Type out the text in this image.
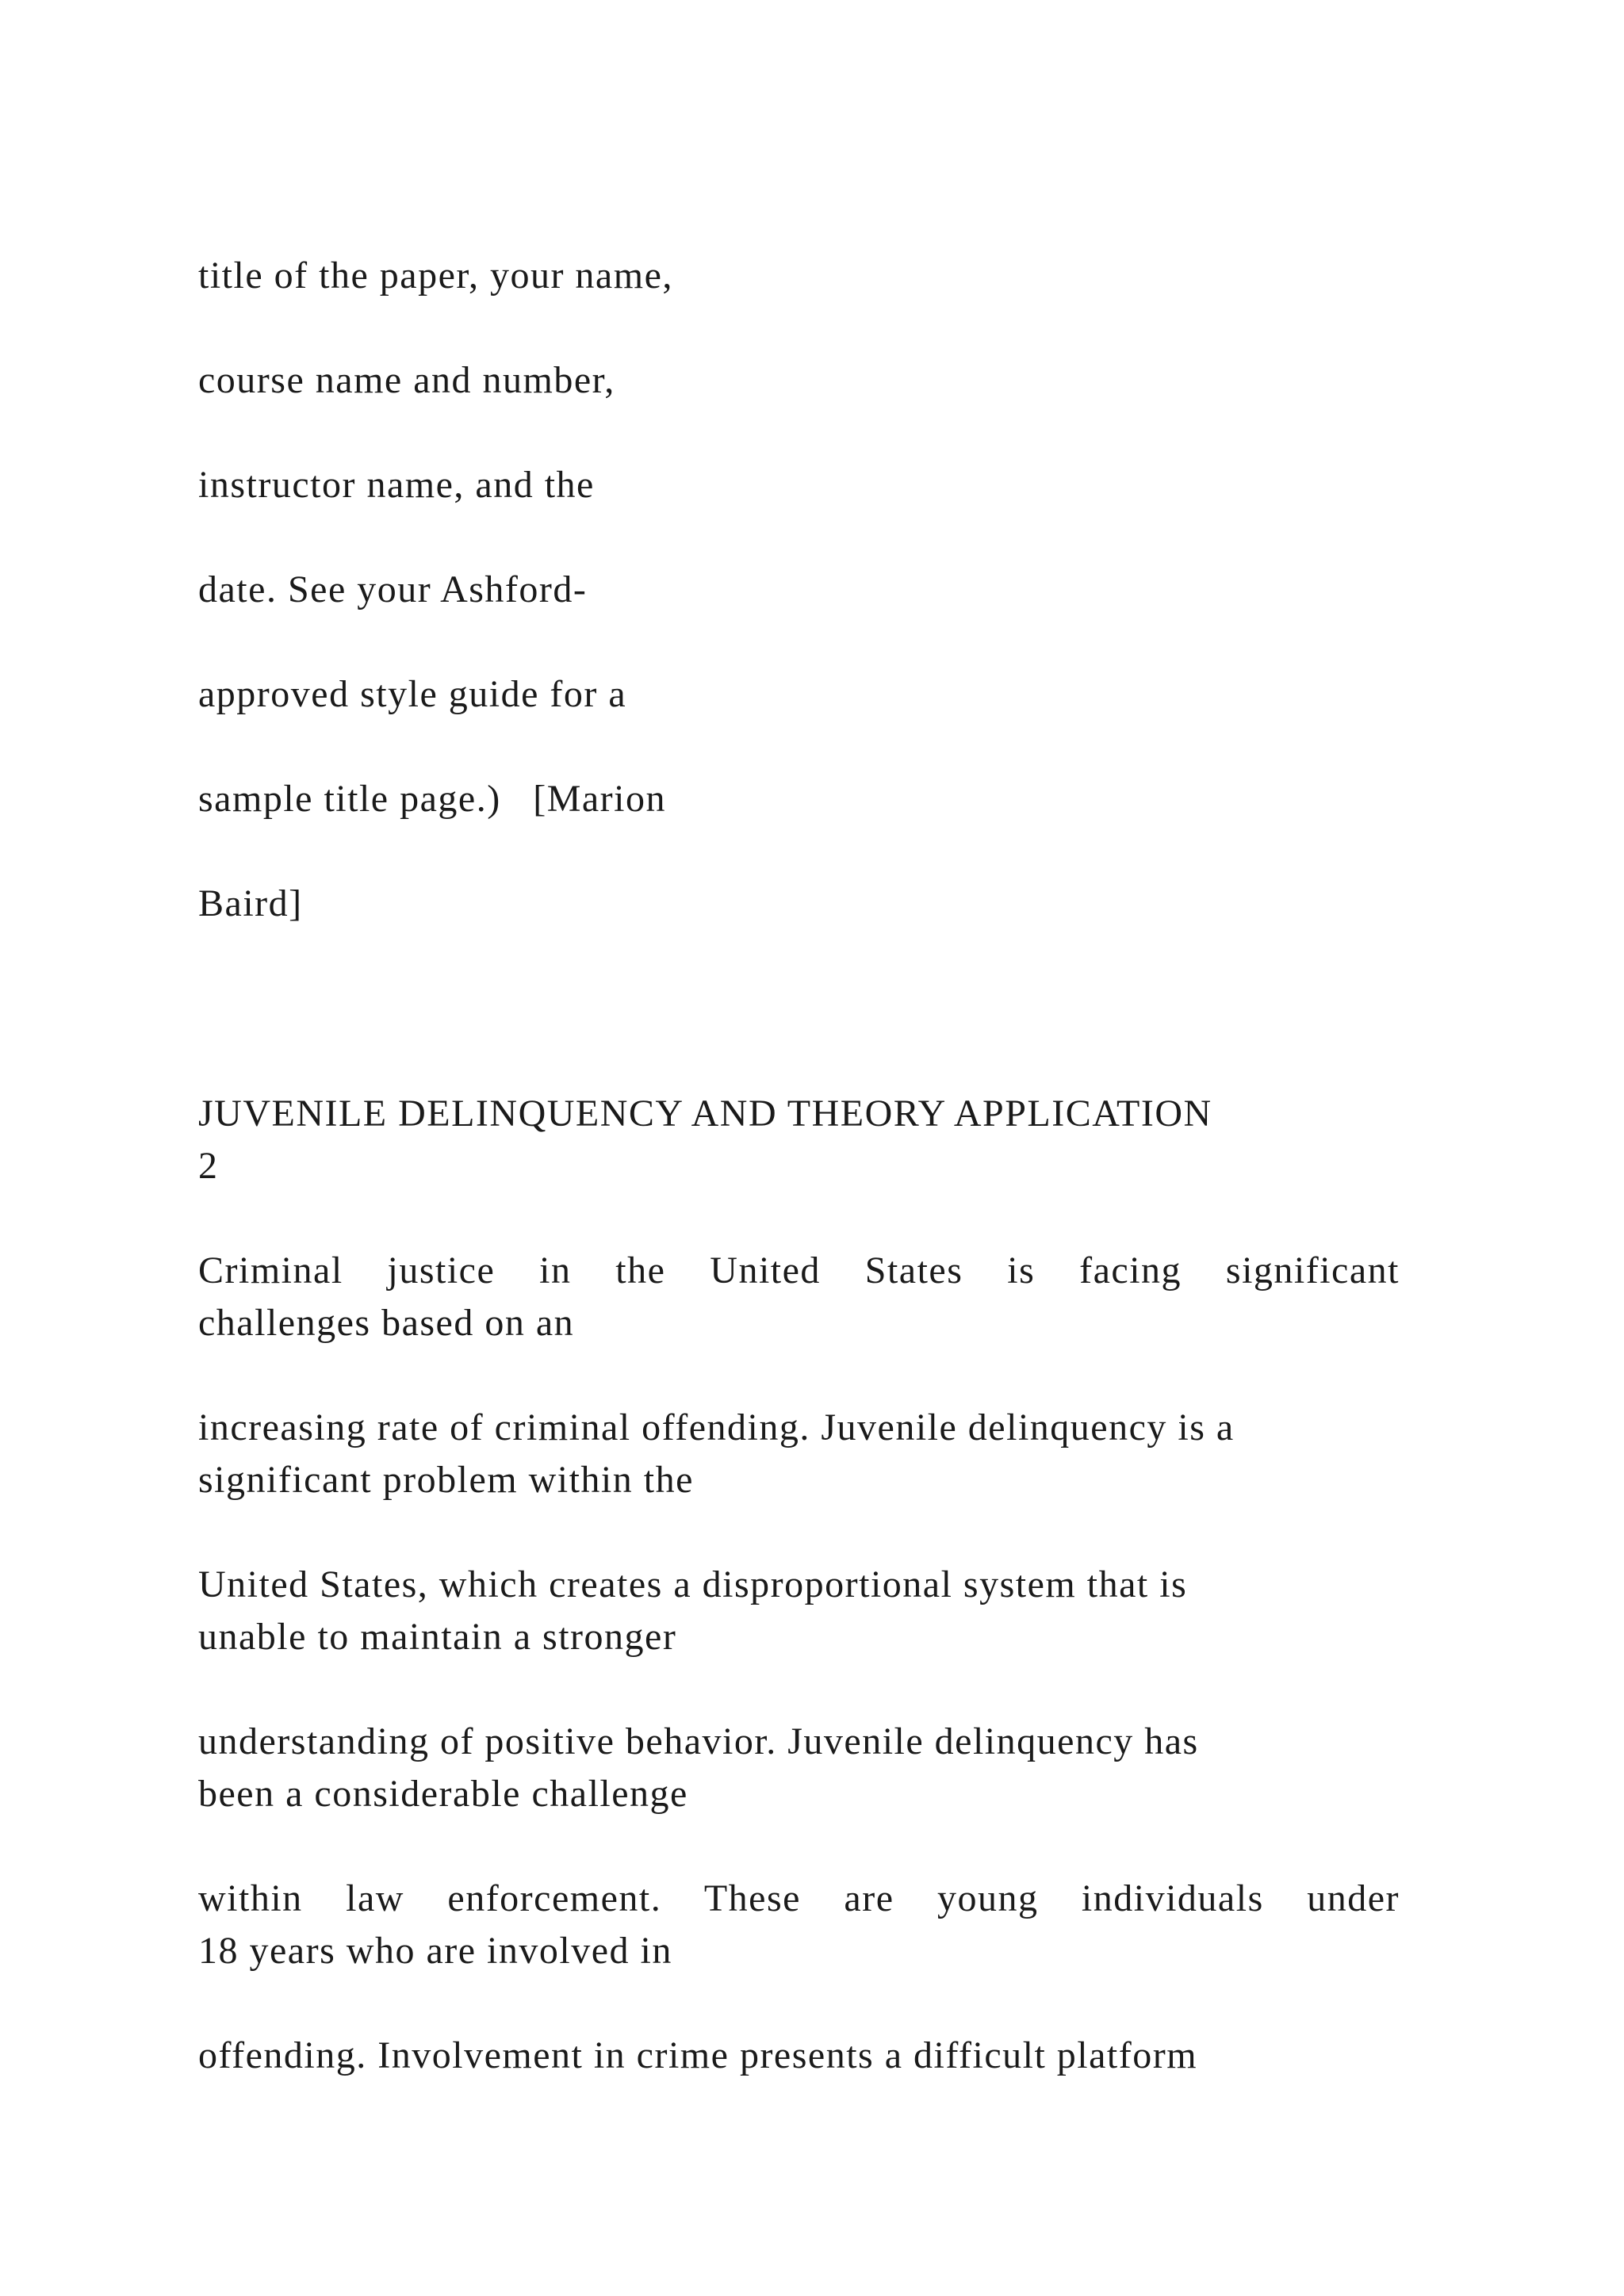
title of the paper, your name,

course name and number,

instructor name, and the

date. See your Ashford-

approved style guide for a

sample title page.)   [Marion

Baird]

JUVENILE DELINQUENCY AND THEORY APPLICATION
2
Criminal justice in the United States is facing significant
challenges based on an
increasing rate of criminal offending. Juvenile delinquency is a
significant problem within the
United States, which creates a disproportional system that is
unable to maintain a stronger
understanding of positive behavior. Juvenile delinquency has
been a considerable challenge
within law enforcement. These are young individuals under
18 years who are involved in
offending. Involvement in crime presents a difficult platform
